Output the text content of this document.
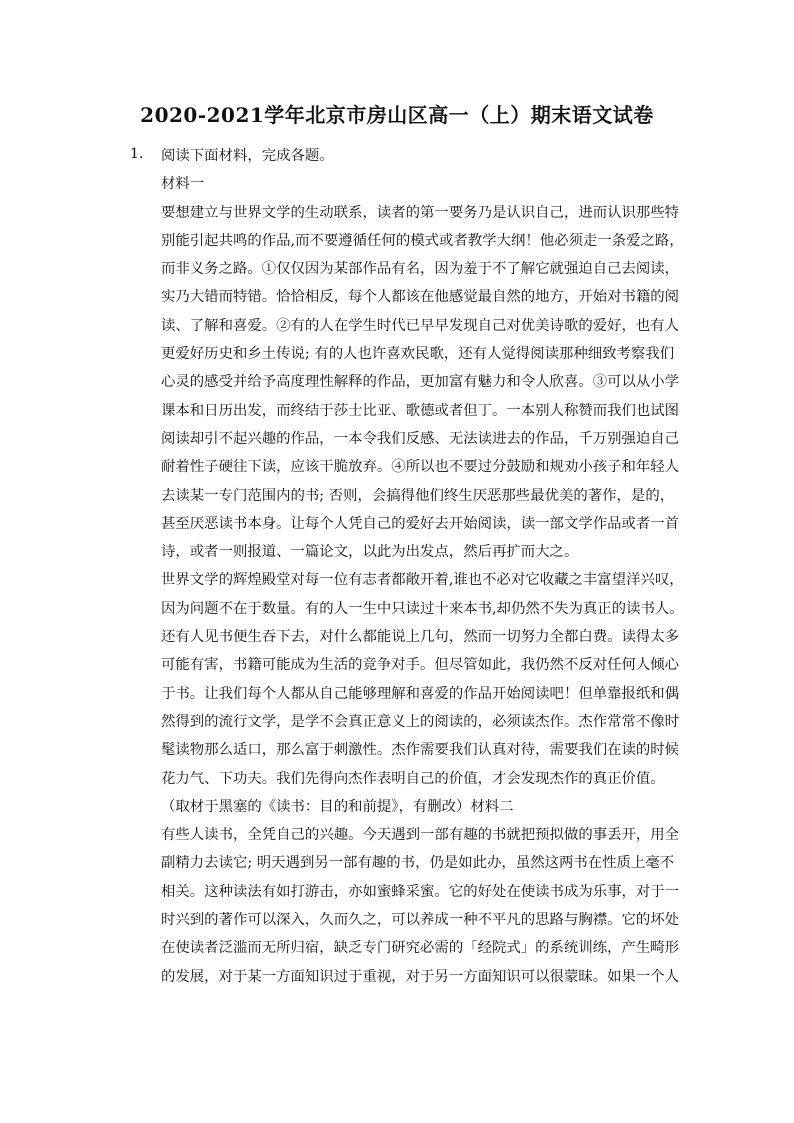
2020-2021学年北京市房山区高一（上）期末语文试卷
1. 阅读下面材料，完成各题。
材料一
要想建立与世界文学的生动联系，读者的第一要务乃是认识自己，进而认识那些特
别能引起共鸣的作品,而不要遵循任何的模式或者教学大纲！他必须走一条爱之路，
而非义务之路。①仅仅因为某部作品有名，因为羞于不了解它就强迫自己去阅读，
实乃大错而特错。恰恰相反，每个人都该在他感觉最自然的地方，开始对书籍的阅
读、了解和喜爱。②有的人在学生时代已早早发现自己对优美诗歌的爱好，也有人
更爱好历史和乡土传说; 有的人也许喜欢民歌，还有人觉得阅读那种细致考察我们
心灵的感受并给予高度理性解释的作品，更加富有魅力和令人欣喜。③可以从小学
课本和日历出发，而终结于莎士比亚、歌德或者但丁。一本别人称赞而我们也试图
阅读却引不起兴趣的作品，一本令我们反感、无法读进去的作品，千万别强迫自己
耐着性子硬往下读，应该干脆放弃。④所以也不要过分鼓励和规劝小孩子和年轻人
去读某一专门范围内的书; 否则，会搞得他们终生厌恶那些最优美的著作，是的，
甚至厌恶读书本身。让每个人凭自己的爱好去开始阅读，读一部文学作品或者一首
诗，或者一则报道、一篇论文，以此为出发点，然后再扩而大之。
世界文学的辉煌殿堂对每一位有志者都敞开着,谁也不必对它收藏之丰富望洋兴叹，
因为问题不在于数量。有的人一生中只读过十来本书,却仍然不失为真正的读书人。
还有人见书便生吞下去，对什么都能说上几句，然而一切努力全都白费。读得太多
可能有害，书籍可能成为生活的竞争对手。但尽管如此，我仍然不反对任何人倾心
于书。让我们每个人都从自己能够理解和喜爱的作品开始阅读吧！但单靠报纸和偶
然得到的流行文学，是学不会真正意义上的阅读的，必须读杰作。杰作常常不像时
髦读物那么适口，那么富于刺激性。杰作需要我们认真对待，需要我们在读的时候
花力气、下功夫。我们先得向杰作表明自己的价值，才会发现杰作的真正价值。
（取材于黑塞的《读书：目的和前提》，有删改）材料二
有些人读书，全凭自己的兴趣。今天遇到一部有趣的书就把预拟做的事丢开，用全
副精力去读它; 明天遇到另一部有趣的书，仍是如此办，虽然这两书在性质上毫不
相关。这种读法有如打游击，亦如蜜蜂采蜜。它的好处在使读书成为乐事，对于一
时兴到的著作可以深入，久而久之，可以养成一种不平凡的思路与胸襟。它的坏处
在使读者泛滥而无所归宿，缺乏专门研究必需的「经院式」的系统训练，产生畸形
的发展，对于某一方面知识过于重视，对于另一方面知识可以很蒙昧。如果一个人
